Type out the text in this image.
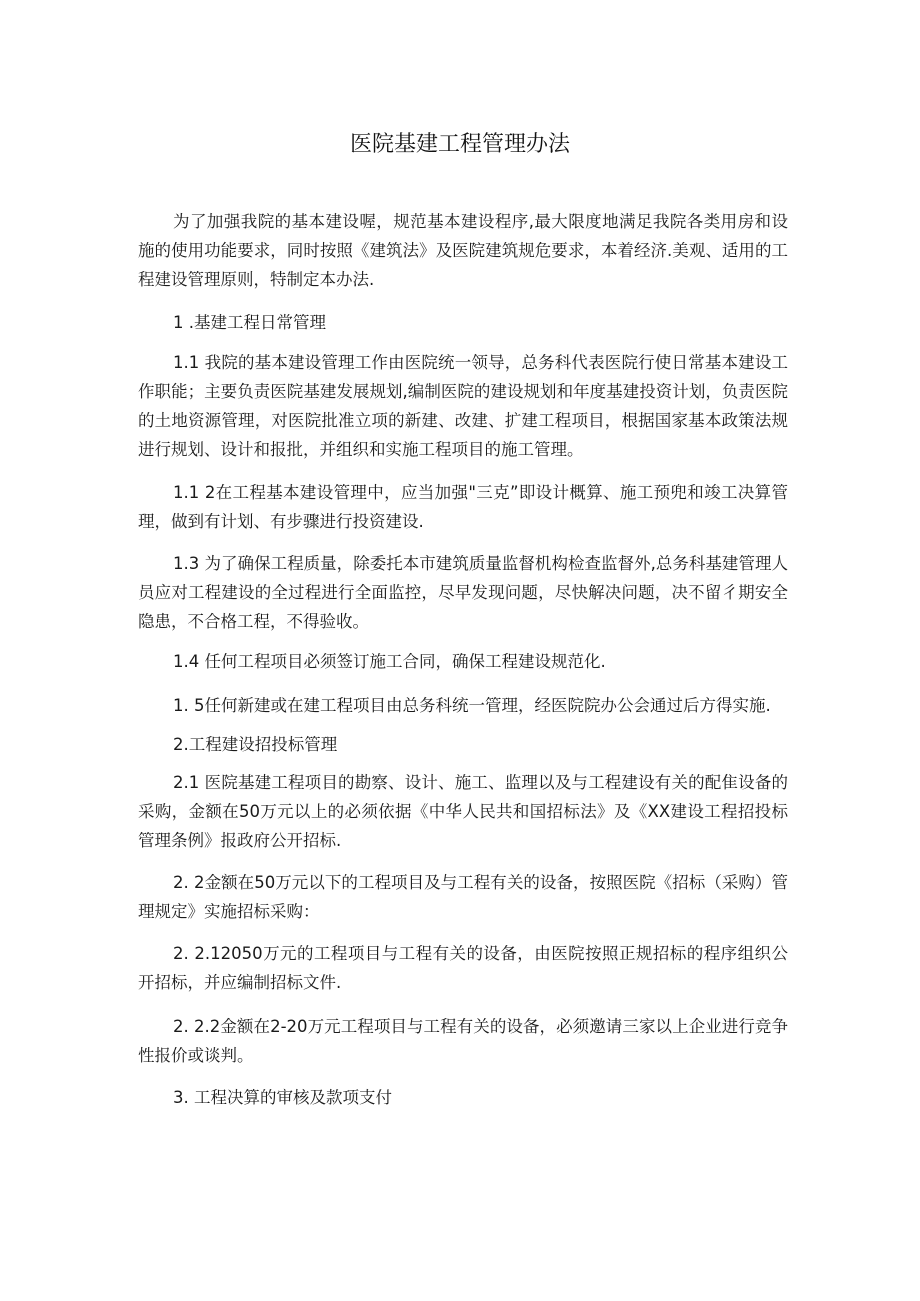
医院基建工程管理办法

为了加强我院的基本建设喔，规范基本建设程序,最大限度地满足我院各类用房和设施的使用功能要求，同时按照《建筑法》及医院建筑规危要求，本着经济.美观、适用的工程建设管理原则，特制定本办法.

1 .基建工程日常管理

1.1 我院的基本建设管理工作由医院统一领导，总务科代表医院行使日常基本建设工作职能；主要负责医院基建发展规划,编制医院的建设规划和年度基建投资计划，负责医院的土地资源管理，对医院批准立项的新建、改建、扩建工程项目，根据国家基本政策法规进行规划、设计和报批，并组织和实施工程项目的施工管理。

1.1 2在工程基本建设管理中，应当加强"三克”即设计概算、施工预兜和竣工决算管理，做到有计划、有步骤进行投资建设.

1.3 为了确保工程质量，除委托本市建筑质量监督机构检查监督外,总务科基建管理人员应对工程建设的全过程进行全面监控，尽早发现问题，尽快解决问题，决不留彳期安全隐患，不合格工程，不得验收。

1.4 任何工程项目必须签订施工合同，确保工程建设规范化.

1. 5任何新建或在建工程项目由总务科统一管理，经医院院办公会通过后方得实施.

2.工程建设招投标管理

2.1 医院基建工程项目的勘察、设计、施工、监理以及与工程建设有关的配隹设备的采购，金额在50万元以上的必须依据《中华人民共和国招标法》及《XX建设工程招投标管理条例》报政府公开招标.

2. 2金额在50万元以下的工程项目及与工程有关的设备，按照医院《招标（采购）管理规定》实施招标采购：

2. 2.12050万元的工程项目与工程有关的设备，由医院按照正规招标的程序组织公开招标，并应编制招标文件.

2. 2.2金额在2-20万元工程项目与工程有关的设备，必须邀请三家以上企业进行竞争性报价或谈判。

3. 工程决算的审核及款项支付
